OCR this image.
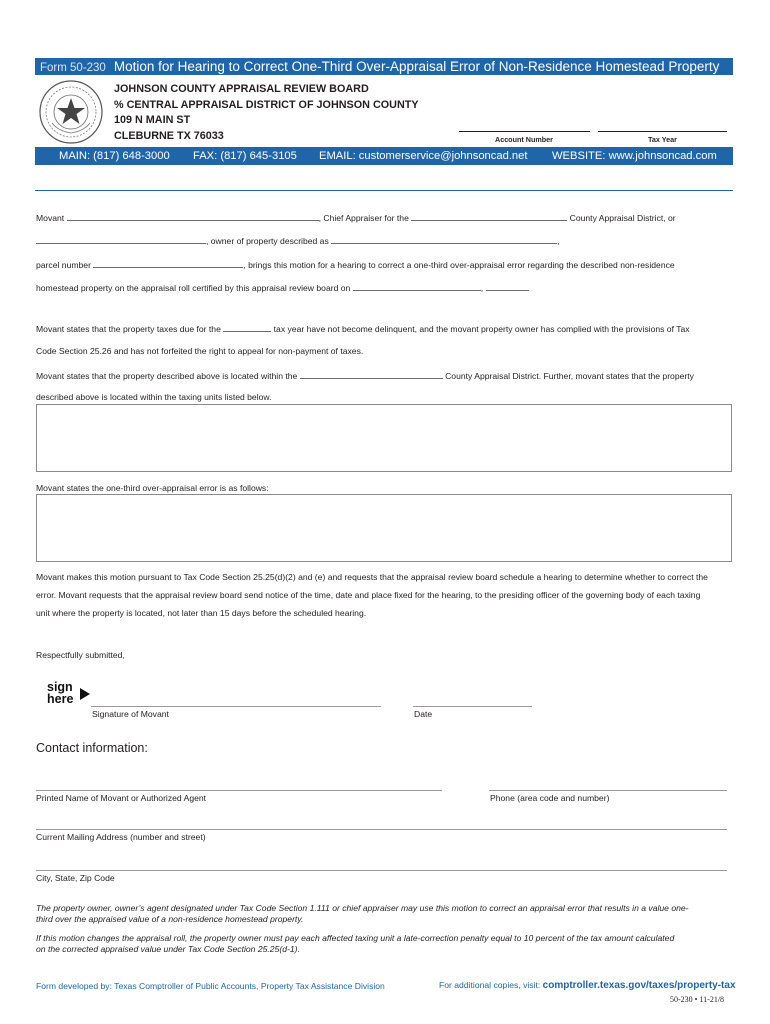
Form 50-230 Motion for Hearing to Correct One-Third Over-Appraisal Error of Non-Residence Homestead Property
JOHNSON COUNTY APPRAISAL REVIEW BOARD
% CENTRAL APPRAISAL DISTRICT OF JOHNSON COUNTY
109 N MAIN ST
CLEBURNE TX 76033	Account Number	Tax Year
MAIN: (817) 648-3000 FAX: (817) 645-3105 EMAIL: customerservice@johnsoncad.net WEBSITE: www.johnsoncad.com
Movant	, Chief Appraiser for the	County Appraisal District, or
, owner of property described as	,
parcel number	, brings this motion for a hearing to correct a one-third over-appraisal error regarding the described non-residence
homestead property on the appraisal roll certified by this appraisal review board on	,	.
Movant states that the property taxes due for the	tax year have not become delinquent, and the movant property owner has complied with the provisions of Tax
Code Section 25.26 and has not forfeited the right to appeal for non-payment of taxes.
Movant states that the property described above is located within the	County Appraisal District. Further, movant states that the property
described above is located within the taxing units listed below.
Movant states the one-third over-appraisal error is as follows:
Movant makes this motion pursuant to Tax Code Section 25.25(d)(2) and (e) and requests that the appraisal review board schedule a hearing to determine whether to correct the
error. Movant requests that the appraisal review board send notice of the time, date and place fixed for the hearing, to the presiding officer of the governing body of each taxing
unit where the property is located, not later than 15 days before the scheduled hearing.
Respectfully submitted,
sign
here
Signature of Movant	Date
Contact information:
Printed Name of Movant or Authorized Agent	Phone (area code and number)
Current Mailing Address (number and street)
City, State, Zip Code
The property owner, owner’s agent designated under Tax Code Section 1.111 or chief appraiser may use this motion to correct an appraisal error that results in a value one-
third over the appraised value of a non-residence homestead property.
If this motion changes the appraisal roll, the property owner must pay each affected taxing unit a late-correction penalty equal to 10 percent of the tax amount calculated
on the corrected appraised value under Tax Code Section 25.25(d-1).
Form developed by: Texas Comptroller of Public Accounts, Property Tax Assistance Division	For additional copies, visit: comptroller.texas.gov/taxes/property-tax
50-230 • 11-21/8
